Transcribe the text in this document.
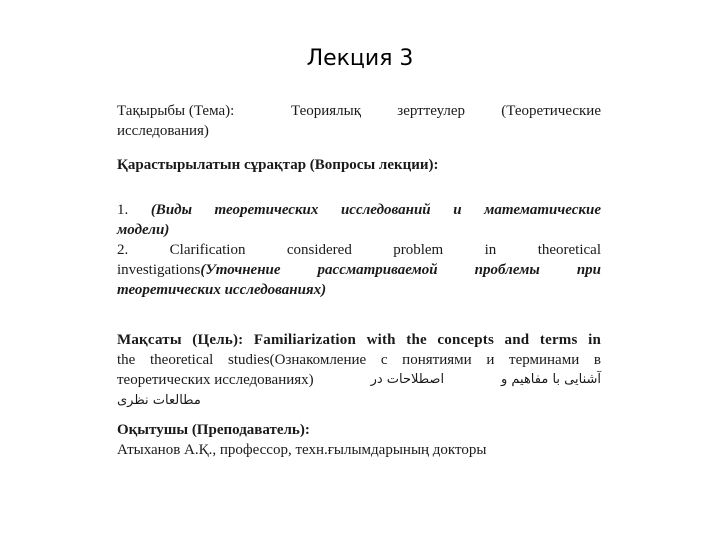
Лекция 3
Тақырыбы (Тема):	Теориялық зерттеулер (Теоретические
исследования)
Қарастырылатын сұрақтар (Вопросы лекции):
1. (Виды теоретических исследований и математические
модели)
2. Clarification considered problem in theoretical
investigations(Уточнение рассматриваемой проблемы при
теоретических исследованиях)
Мақсаты (Цель): Familiarization with the concepts and terms in
the theoretical studies(Ознакомление с понятиями и терминами в
теоретических исследованиях)	اصطلاحات در	آشنایی با مفاهیم و
مطالعات نظری
Оқытушы (Преподаватель):
Атыханов А.Қ., профессор, техн.ғылымдарының докторы
